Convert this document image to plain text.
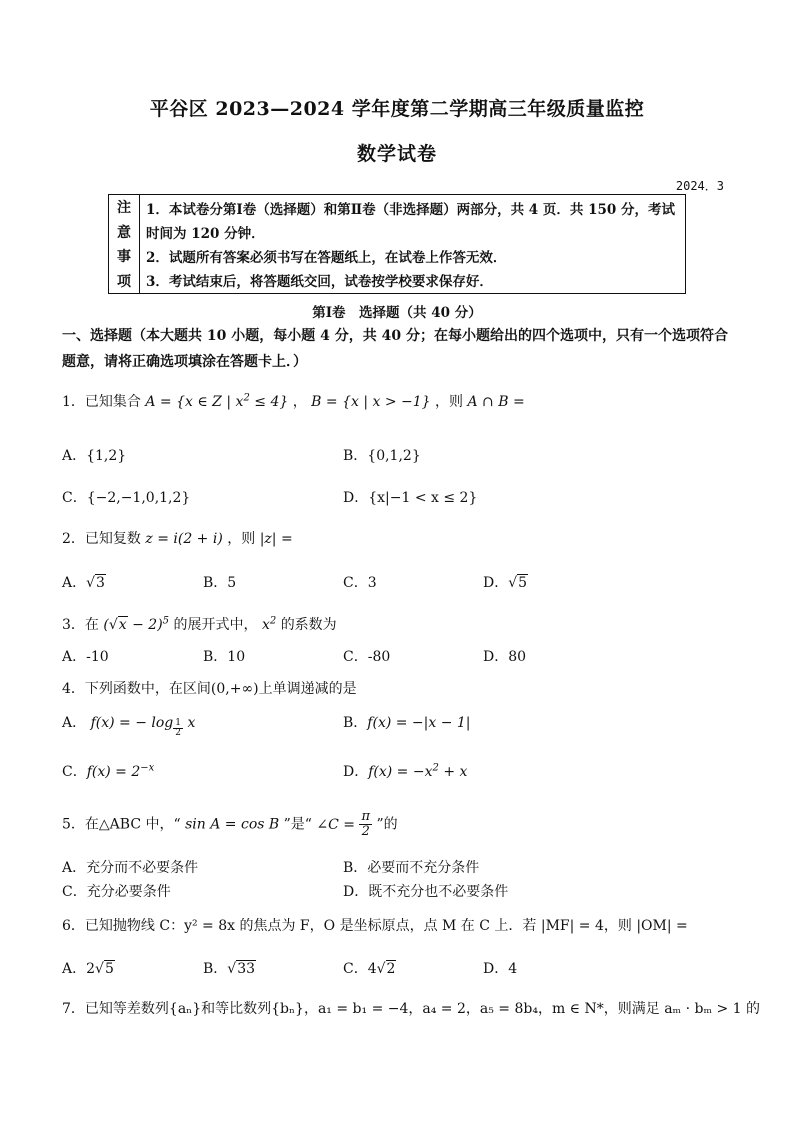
平谷区 2023—2024 学年度第二学期高三年级质量监控
数学试卷
2024．3
注
意
事
项

1．本试卷分第Ⅰ卷（选择题）和第Ⅱ卷（非选择题）两部分，共 4 页．共 150 分，考试时间为 120 分钟．

2．试题所有答案必须书写在答题纸上，在试卷上作答无效．

3．考试结束后，将答题纸交回，试卷按学校要求保存好．

第Ⅰ卷　选择题（共 40 分）
一、选择题（本大题共 10 小题，每小题 4 分，共 40 分；在每小题给出的四个选项中，只有一个选项符合题意，请将正确选项填涂在答题卡上．）
1．已知集合 A = {x ∈ Z | $x^2 \le 4$} ， B = {x | x > −1} ，则 A ∩ B =
A．{1,2}	B．{0,1,2}
C．{−2,−1,0,1,2}	D．{x|−1 < x ≤ 2}
2．已知复数 z = i(2 + i) ，则 |z| =
A．√3	B．5	C．3	D．√5
3．在 $(√x - 2)^5$ 的展开式中， $x^2$ 的系数为
A．-10	B．10	C．-80	D．80
4．下列函数中，在区间(0,+∞)上单调递减的是
A． f(x) = − log $_{\frac{1}{2}}$ x	B．f(x) = −|x − 1|
C．$f(x) = 2^{-x}$	D．$f(x) = -x^2 + x$
5．在△ABC 中，“ sin A = cos B ”是“ ∠C = $\frac{\pi}{2}$ ”的
A．充分而不必要条件	B．必要而不充分条件
C．充分必要条件	D．既不充分也不必要条件
6．已知抛物线 C：y² = 8x 的焦点为 F，O 是坐标原点，点 M 在 C 上．若 |MF| = 4，则 |OM| =
A．2√5	B．√33	C．4√2	D．4
7．已知等差数列{aₙ}和等比数列{bₙ}，a₁ = b₁ = −4，a₄ = 2，a₅ = 8b₄，m ∈ N*，则满足 aₘ · bₘ > 1 的
